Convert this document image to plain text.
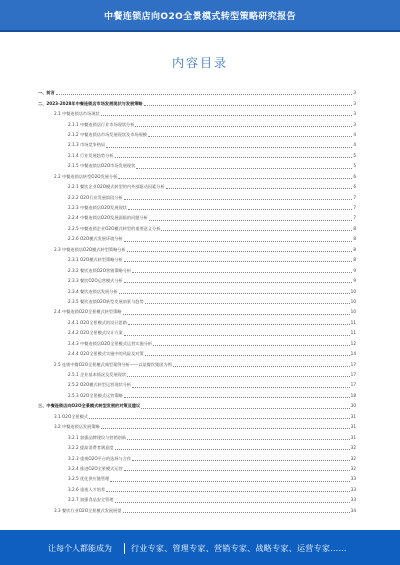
中餐连锁店向O2O全景模式转型策略研究报告
内容目录
一、前言	3
二、2023-2028年中餐连锁店市场发展现状与发展策略	3
2.1 中餐连锁店市场现状	3
2.1.1 中餐连锁店行业市场现状分析	3
2.1.2 中餐连锁店市场发展现状及市场规模	4
2.1.3 市场竞争格局	4
2.1.4 行业发展趋势分析	5
2.1.5 中餐连锁店O2O市场发展现状	5
2.2 中餐连锁店转型O2O发展分析	6
2.2.1 餐饮企业O2O模式转型的内外部驱动因素分析	6
2.2.2 O2O行业发展阶段分析	7
2.2.3 中餐连锁店O2O发展现状	7
2.2.4 中餐连锁店O2O发展面临的问题分析	7
2.2.5 中餐连锁企业O2O模式转型的重要意义分析	8
2.2.6 O2O模式发展环境分析	8
2.3 中餐连锁店O2O模式转型策略分析	8
2.3.1 O2O模式转型策略分析	8
2.3.2 餐饮连锁O2O营销策略分析	9
2.3.3 餐饮O2O运营模式分析	9
2.3.4 餐饮连锁店发展分析	10
2.3.5 餐饮连锁O2O转型发展前景与趋势	10
2.4 中餐连锁O2O全景模式转型策略	10
2.4.1 O2O全景模式的设计思路	11
2.4.2 O2O全景模式设计方案	11
2.4.3 中餐连锁店O2O全景模式运营实施分析	12
2.4.4 O2O全景模式实施中的风险及对策	14
2.5 连锁中餐O2O全景模式典型案例分析——以某餐饮集团为例	17
2.5.1 企业基本情况及发展现状	17
2.5.2 O2O模式转型运营现状分析	17
2.5.3 O2O全景模式运营策略	18
三、中餐连锁店向O2O全景模式转型发展的对策及建议	30
3.1 O2O全景模式	31
3.2 中餐连锁店发展策略	31
3.2.1 加强品牌建设与营销创新	31
3.2.2 提高消费者满意度	32
3.2.3 重视O2O平台的选择与合作	32
3.2.4 推进O2O全景模式运营	32
3.2.5 优化供应链管理	33
3.2.6 重视人才培养	33
3.2.7 加强食品安全管理	33
3.3 餐饮行业O2O全景模式发展展望	34
让每个人都能成为	行业专家、管理专家、营销专家、战略专家、运营专家……
